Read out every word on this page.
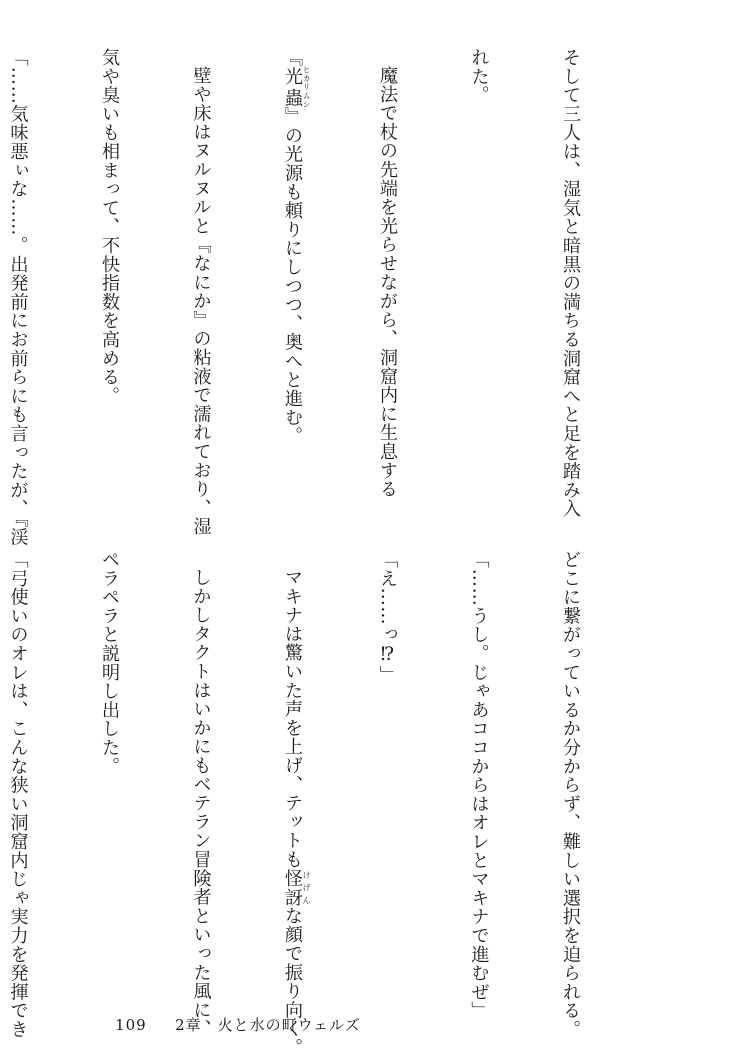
そして三人は、湿気と暗黒の満ちる洞窟へと足を踏み入

れた。

魔法で杖の先端を光らせながら、洞窟内に生息する

『光蟲 ヒカリムシ』の光源も頼りにしつつ、奥へと進む。

壁や床はヌルヌルと『なにか』の粘液で濡れており、湿

気や臭いも相まって、不快指数を高める。

「……気味悪ぃな……。出発前にお前らにも言ったが、『渓

どこに繋がっているか分からず、難しい選択を迫られる。

「……うし。じゃあココからはオレとマキナで進むぜ」

「え……っ⁉」

マキナは驚いた声を上げ、テットも怪訝 けげんな顔で振り向く。

しかしタクトはいかにもベテラン冒険者といった風に、

ペラペラと説明し出した。

「弓使いのオレは、こんな狭い洞窟内じゃ実力を発揮でき

	109 2章　火と水の町ウェルズ
